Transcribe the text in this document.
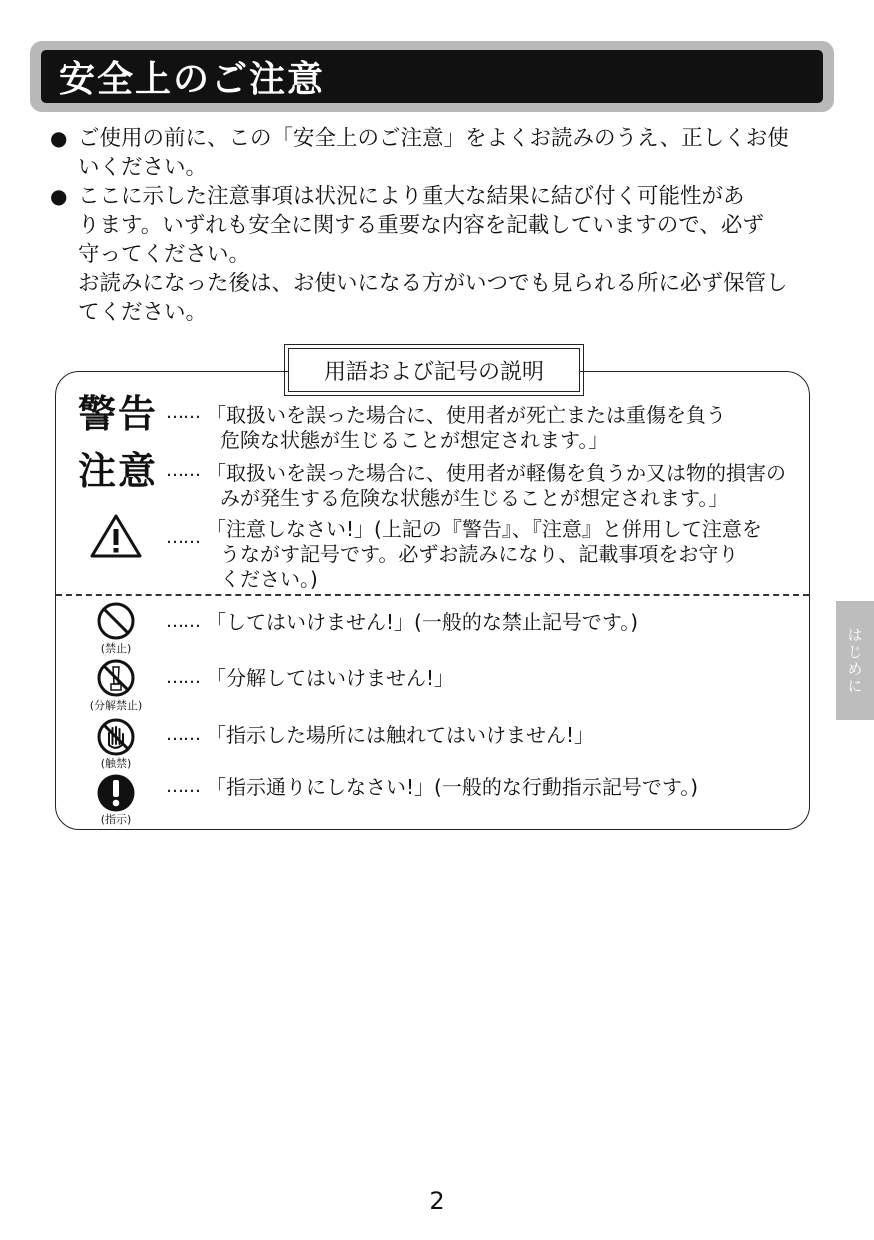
安全上のご注意

● ご使用の前に、この「安全上のご注意」をよくお読みのうえ、正しくお使

いください。

● ここに示した注意事項は状況により重大な結果に結び付く可能性があ

ります。いずれも安全に関する重要な内容を記載していますので、必ず

守ってください。

お読みになった後は、お使いになる方がいつでも見られる所に必ず保管し

てください。

用語および記号の説明
警告 …… 「取扱いを誤った場合に、使用者が死亡または重傷を負う
危険な状態が生じることが想定されます。」
注意 …… 「取扱いを誤った場合に、使用者が軽傷を負うか又は物的損害の
みが発生する危険な状態が生じることが想定されます。」
…… 「注意しなさい!」(上記の『警告』、『注意』と併用して注意を
うながす記号です。必ずお読みになり、記載事項をお守り
ください。)
(禁止)
…… 「してはいけません!」(一般的な禁止記号です。)
(分解禁止)
…… 「分解してはいけません!」
(触禁)
…… 「指示した場所には触れてはいけません!」
(指示)
…… 「指示通りにしなさい!」(一般的な行動指示記号です。)
はじめに
2
